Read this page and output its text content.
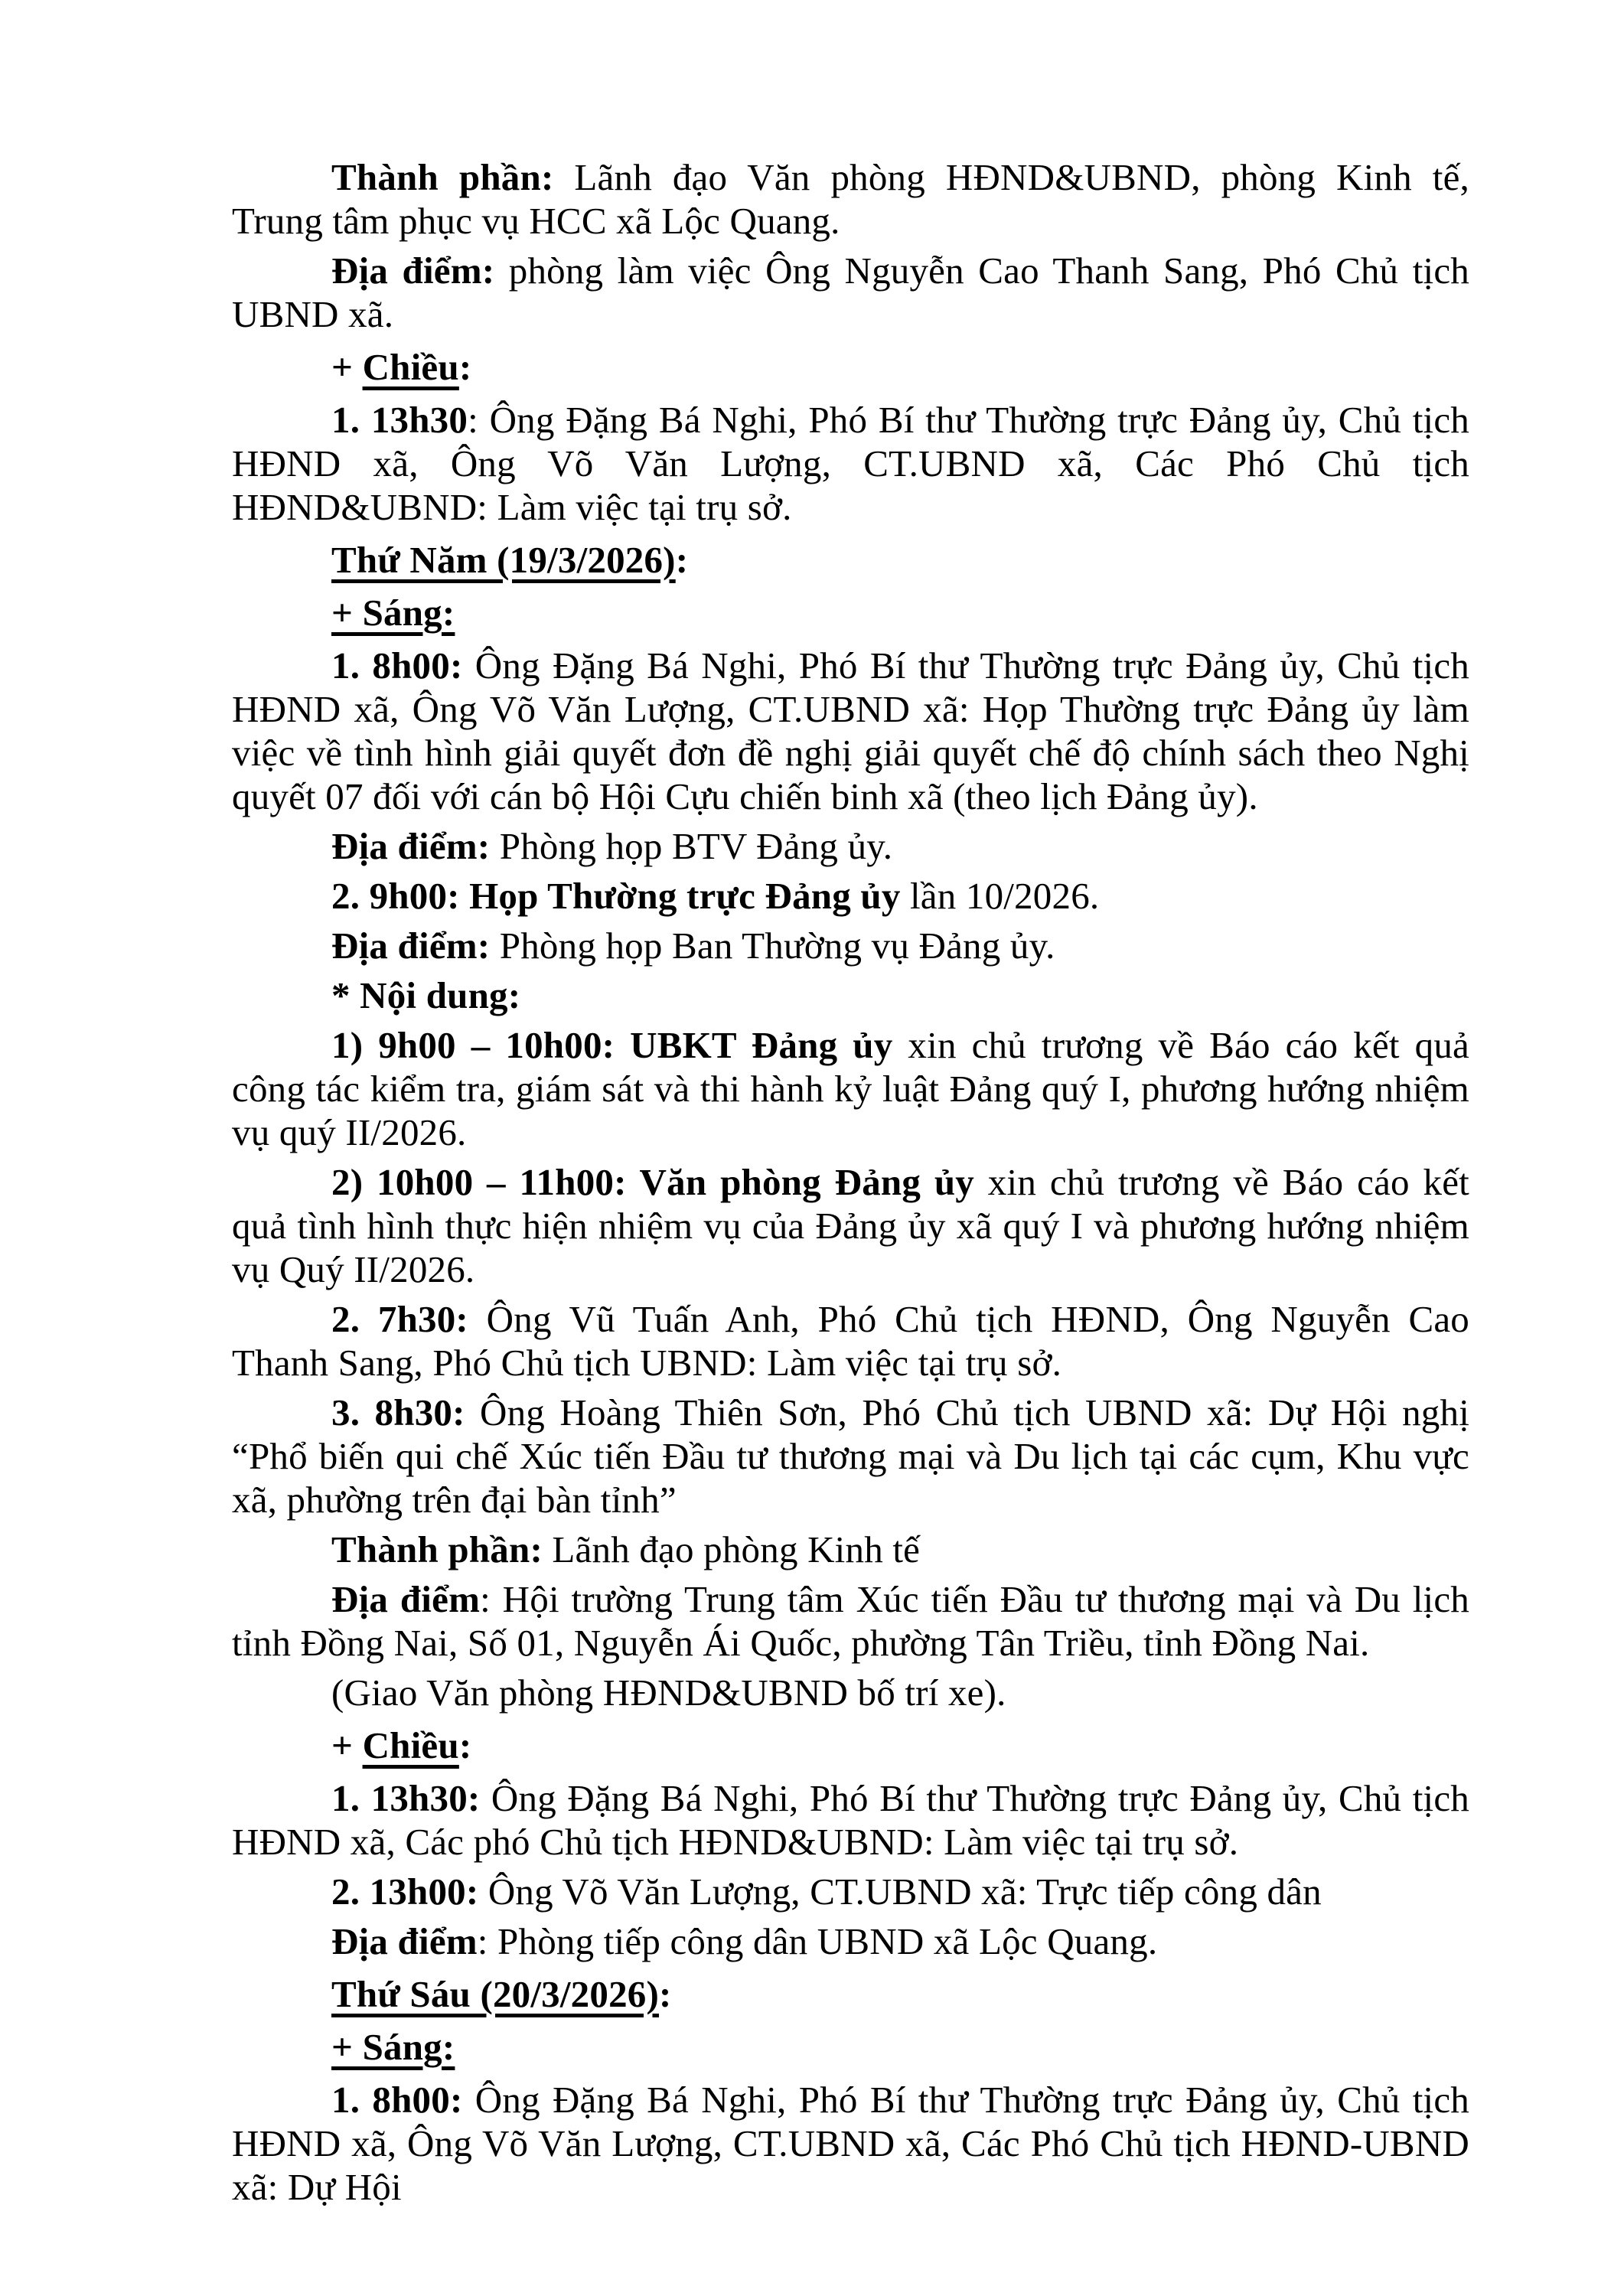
Thành phần: Lãnh đạo Văn phòng HĐND&UBND, phòng Kinh tế, Trung tâm phục vụ HCC xã Lộc Quang.

Địa điểm: phòng làm việc Ông Nguyễn Cao Thanh Sang, Phó Chủ tịch UBND xã.

+ Chiều:

1. 13h30: Ông Đặng Bá Nghi, Phó Bí thư Thường trực Đảng ủy, Chủ tịch HĐND xã, Ông Võ Văn Lượng, CT.UBND xã, Các Phó Chủ tịch HĐND&UBND: Làm việc tại trụ sở.

Thứ Năm (19/3/2026):

+ Sáng:

1. 8h00: Ông Đặng Bá Nghi, Phó Bí thư Thường trực Đảng ủy, Chủ tịch HĐND xã, Ông Võ Văn Lượng, CT.UBND xã: Họp Thường trực Đảng ủy làm việc về tình hình giải quyết đơn đề nghị giải quyết chế độ chính sách theo Nghị quyết 07 đối với cán bộ Hội Cựu chiến binh xã (theo lịch Đảng ủy).

Địa điểm: Phòng họp BTV Đảng ủy.

2. 9h00: Họp Thường trực Đảng ủy lần 10/2026.

Địa điểm: Phòng họp Ban Thường vụ Đảng ủy.

* Nội dung:

1) 9h00 – 10h00: UBKT Đảng ủy xin chủ trương về Báo cáo kết quả công tác kiểm tra, giám sát và thi hành kỷ luật Đảng quý I, phương hướng nhiệm vụ quý II/2026.

2) 10h00 – 11h00: Văn phòng Đảng ủy xin chủ trương về Báo cáo kết quả tình hình thực hiện nhiệm vụ của Đảng ủy xã quý I và phương hướng nhiệm vụ Quý II/2026.

2. 7h30: Ông Vũ Tuấn Anh, Phó Chủ tịch HĐND, Ông Nguyễn Cao Thanh Sang, Phó Chủ tịch UBND: Làm việc tại trụ sở.

3. 8h30: Ông Hoàng Thiên Sơn, Phó Chủ tịch UBND xã: Dự Hội nghị “Phổ biến qui chế Xúc tiến Đầu tư thương mại và Du lịch tại các cụm, Khu vực xã, phường trên đại bàn tỉnh”

Thành phần: Lãnh đạo phòng Kinh tế

Địa điểm: Hội trường Trung tâm Xúc tiến Đầu tư thương mại và Du lịch tỉnh Đồng Nai, Số 01, Nguyễn Ái Quốc, phường Tân Triều, tỉnh Đồng Nai.

(Giao Văn phòng HĐND&UBND bố trí xe).

+ Chiều:

1. 13h30: Ông Đặng Bá Nghi, Phó Bí thư Thường trực Đảng ủy, Chủ tịch HĐND xã, Các phó Chủ tịch HĐND&UBND: Làm việc tại trụ sở.

2. 13h00: Ông Võ Văn Lượng, CT.UBND xã: Trực tiếp công dân

Địa điểm: Phòng tiếp công dân UBND xã Lộc Quang.

Thứ Sáu (20/3/2026):

+ Sáng:

1. 8h00: Ông Đặng Bá Nghi, Phó Bí thư Thường trực Đảng ủy, Chủ tịch HĐND xã, Ông Võ Văn Lượng, CT.UBND xã, Các Phó Chủ tịch HĐND-UBND xã: Dự Hội
